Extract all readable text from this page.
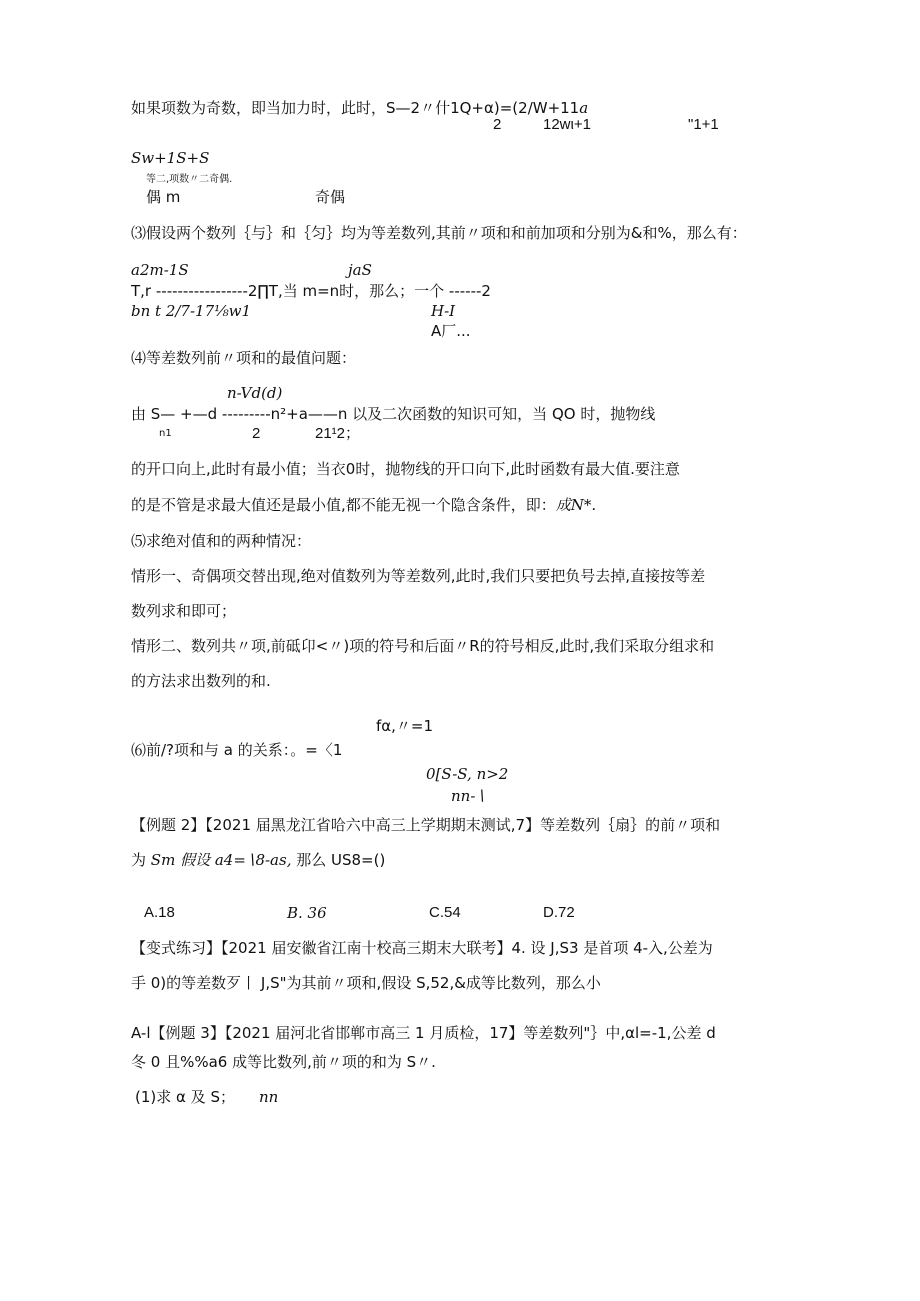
如果项数为奇数，即当加力时，此时，S—2〃什1Q+α)=(2/W+11a
2	12wι+1	"1+1
Sw+1S+S
等二,项数〃二奇偶.
偶 m	奇偶
⑶假设两个数列｛与｝和｛匀｝均为等差数列,其前〃项和和前加项和分别为&和%，那么有：
a2m-1S	jaS
T,r -----------------2∏T,当 m=n时，那么；一个 ------2
bn t 2/7-17⅛w1	H-I
A厂...
⑷等差数列前〃项和的最值问题：
n-Vd(d)
由 S— +—d ---------n²+a——n 以及二次函数的知识可知，当 QO 时，抛物线
n1	2	21¹2；
的开口向上,此时有最小值；当衣0时，抛物线的开口向下,此时函数有最大值.要注意
的是不管是求最大值还是最小值,都不能无视一个隐含条件，即：成N*.
⑸求绝对值和的两种情况：
情形一、奇偶项交替出现,绝对值数列为等差数列,此时,我们只要把负号去掉,直接按等差
数列求和即可；
情形二、数列共〃项,前砥卬<〃)项的符号和后面〃R的符号相反,此时,我们采取分组求和
的方法求出数列的和.
fα,〃=1
⑹前/?项和与 a 的关系：。=〈1
0[S-S, n>2
nn-∖
【例题 2】【2021 届黑龙江省哈六中高三上学期期末测试,7】等差数列｛扇｝的前〃项和
为 Sm 假设 a4=∖8-as, 那么 US8=()
A.18	B. 36	C.54	D.72
【变式练习】【2021 届安徽省江南十校高三期末大联考】4. 设 J,S3 是首项 4-入,公差为
手 0)的等差数歹丨 J,S"为其前〃项和,假设 S,52,&成等比数列，那么小
A-l【例题 3】【2021 届河北省邯郸市高三 1 月质检，17】等差数列"｝中,αl=-1,公差 d
冬 0 且%%a6 成等比数列,前〃项的和为 S〃.
(1)求 α 及 S； nn
